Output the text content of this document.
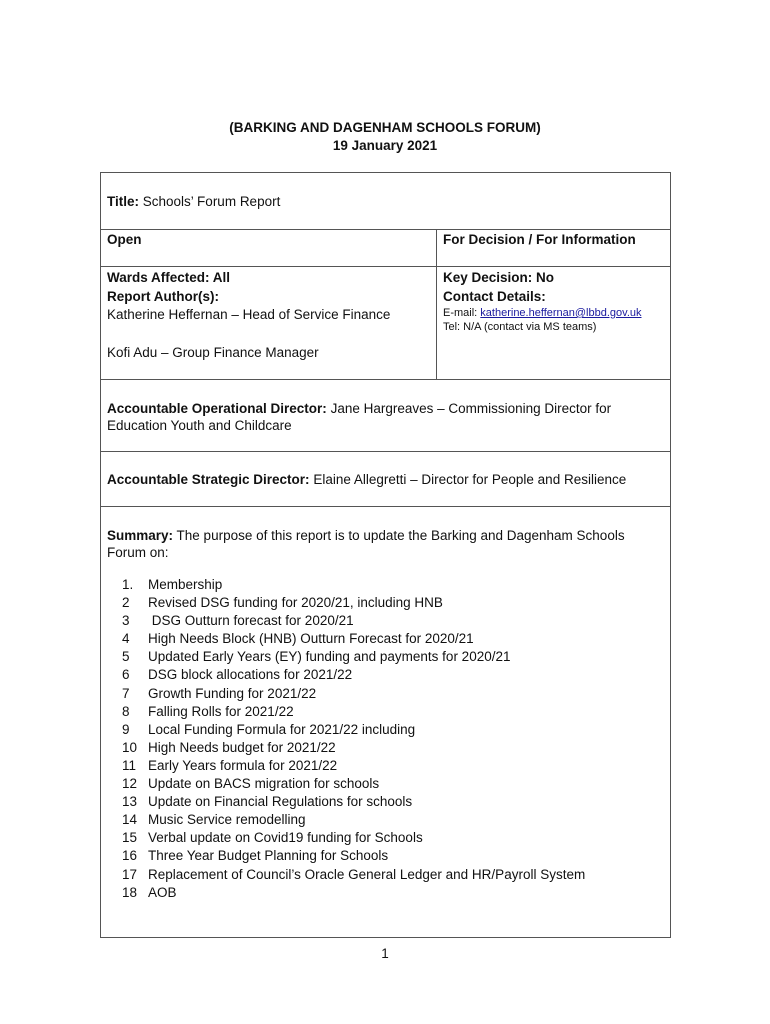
(BARKING AND DAGENHAM SCHOOLS FORUM)
19 January 2021
Title: Schools’ Forum Report
Open	For Decision / For Information
Wards Affected: All
Report Author(s):
Katherine Heffernan – Head of Service Finance
Kofi Adu – Group Finance Manager
Key Decision: No
Contact Details:
E-mail: katherine.heffernan@lbbd.gov.uk
Tel: N/A (contact via MS teams)
Accountable Operational Director: Jane Hargreaves – Commissioning Director for
Education Youth and Childcare
Accountable Strategic Director: Elaine Allegretti – Director for People and Resilience
Summary: The purpose of this report is to update the Barking and Dagenham Schools
Forum on:
1. Membership
2 Revised DSG funding for 2020/21, including HNB
3 DSG Outturn forecast for 2020/21
4 High Needs Block (HNB) Outturn Forecast for 2020/21
5 Updated Early Years (EY) funding and payments for 2020/21
6 DSG block allocations for 2021/22
7 Growth Funding for 2021/22
8 Falling Rolls for 2021/22
9 Local Funding Formula for 2021/22 including
10 High Needs budget for 2021/22
11 Early Years formula for 2021/22
12 Update on BACS migration for schools
13 Update on Financial Regulations for schools
14 Music Service remodelling
15 Verbal update on Covid19 funding for Schools
16 Three Year Budget Planning for Schools
17 Replacement of Council’s Oracle General Ledger and HR/Payroll System
18 AOB
1
